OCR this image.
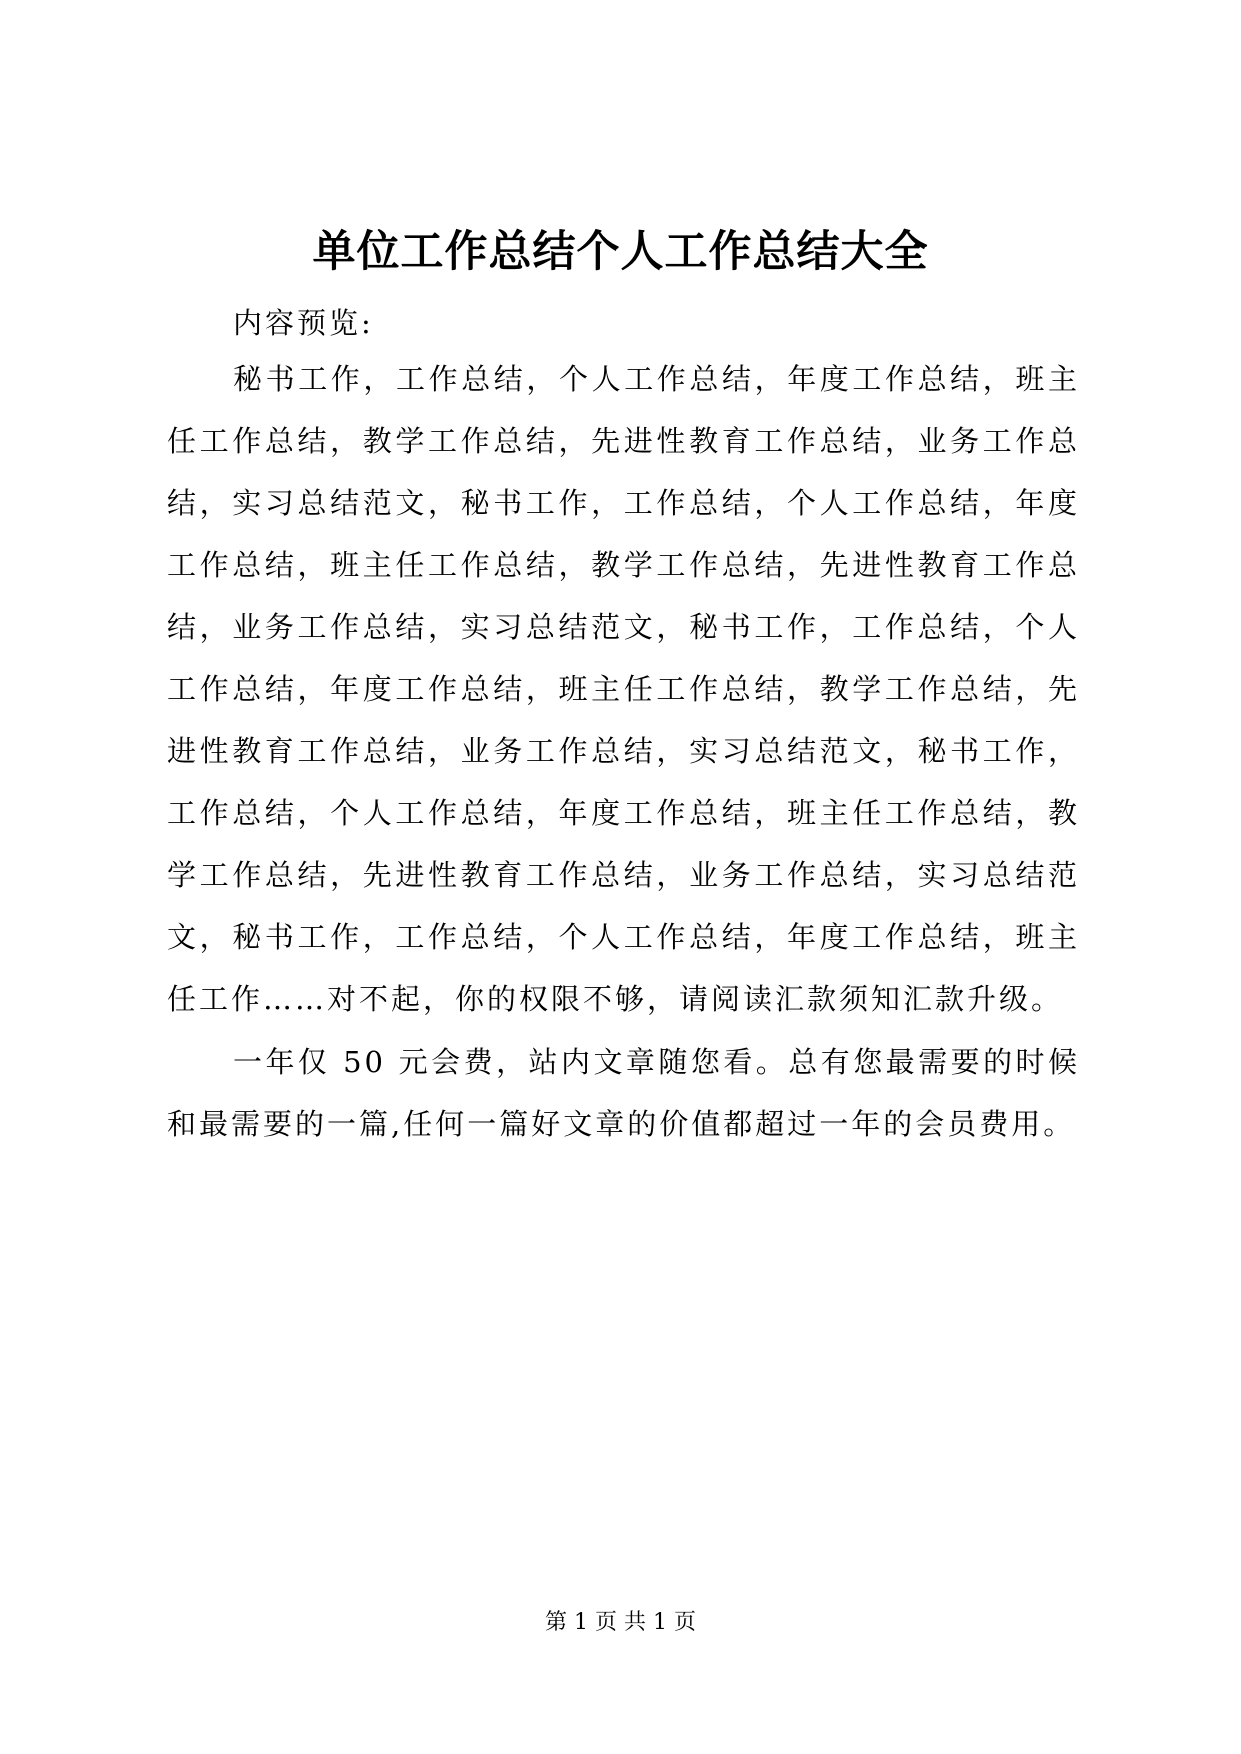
单位工作总结个人工作总结大全

内容预览:

秘书工作，工作总结，个人工作总结，年度工作总结，班主任工作总结，教学工作总结，先进性教育工作总结，业务工作总结，实习总结范文，秘书工作，工作总结，个人工作总结，年度工作总结，班主任工作总结，教学工作总结，先进性教育工作总结，业务工作总结，实习总结范文，秘书工作，工作总结，个人工作总结，年度工作总结，班主任工作总结，教学工作总结，先进性教育工作总结，业务工作总结，实习总结范文，秘书工作，工作总结，个人工作总结，年度工作总结，班主任工作总结，教学工作总结，先进性教育工作总结，业务工作总结，实习总结范文，秘书工作，工作总结，个人工作总结，年度工作总结，班主任工作……对不起，你的权限不够，请阅读汇款须知汇款升级。

一年仅 50 元会费，站内文章随您看。总有您最需要的时候和最需要的一篇,任何一篇好文章的价值都超过一年的会员费用。

第 1 页 共 1 页
